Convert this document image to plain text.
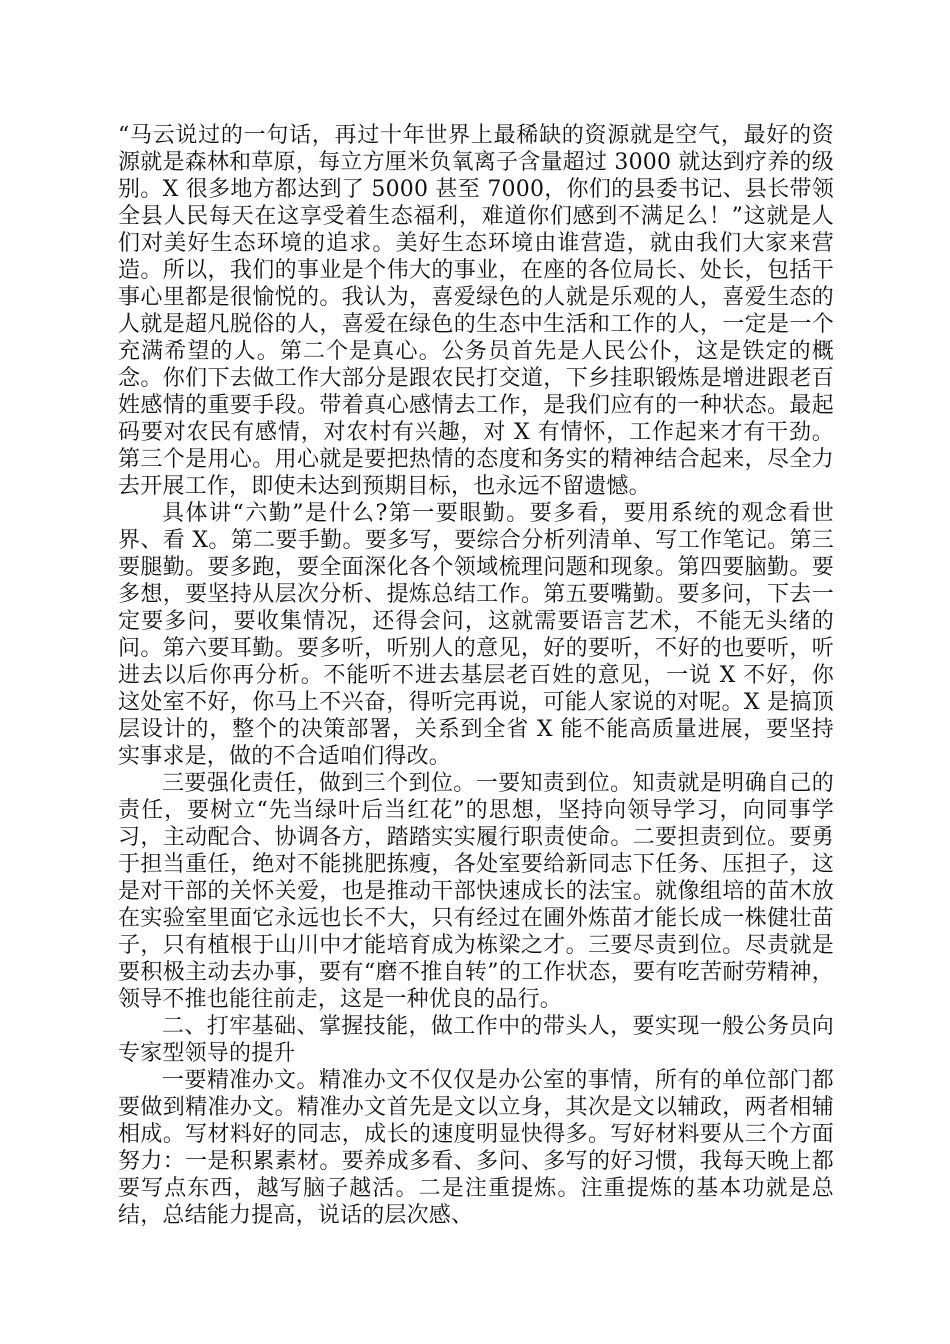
“马云说过的一句话，再过十年世界上最稀缺的资源就是空气，最好的资源就是森林和草原，每立方厘米负氧离子含量超过 3000 就达到疗养的级别。X 很多地方都达到了 5000 甚至 7000，你们的县委书记、县长带领全县人民每天在这享受着生态福利，难道你们感到不满足么！”这就是人们对美好生态环境的追求。美好生态环境由谁营造，就由我们大家来营造。所以，我们的事业是个伟大的事业，在座的各位局长、处长，包括干事心里都是很愉悦的。我认为，喜爱绿色的人就是乐观的人，喜爱生态的人就是超凡脱俗的人，喜爱在绿色的生态中生活和工作的人，一定是一个充满希望的人。第二个是真心。公务员首先是人民公仆，这是铁定的概念。你们下去做工作大部分是跟农民打交道，下乡挂职锻炼是增进跟老百姓感情的重要手段。带着真心感情去工作，是我们应有的一种状态。最起码要对农民有感情，对农村有兴趣，对 X 有情怀，工作起来才有干劲。第三个是用心。用心就是要把热情的态度和务实的精神结合起来，尽全力去开展工作，即使未达到预期目标，也永远不留遗憾。

具体讲“六勤”是什么?第一要眼勤。要多看，要用系统的观念看世界、看 X。第二要手勤。要多写，要综合分析列清单、写工作笔记。第三要腿勤。要多跑，要全面深化各个领域梳理问题和现象。第四要脑勤。要多想，要坚持从层次分析、提炼总结工作。第五要嘴勤。要多问，下去一定要多问，要收集情况，还得会问，这就需要语言艺术，不能无头绪的问。第六要耳勤。要多听，听别人的意见，好的要听，不好的也要听，听进去以后你再分析。不能听不进去基层老百姓的意见，一说 X 不好，你这处室不好，你马上不兴奋，得听完再说，可能人家说的对呢。X 是搞顶层设计的，整个的决策部署，关系到全省 X 能不能高质量进展，要坚持实事求是，做的不合适咱们得改。

三要强化责任，做到三个到位。一要知责到位。知责就是明确自己的责任，要树立“先当绿叶后当红花”的思想，坚持向领导学习，向同事学习，主动配合、协调各方，踏踏实实履行职责使命。二要担责到位。要勇于担当重任，绝对不能挑肥拣瘦，各处室要给新同志下任务、压担子，这是对干部的关怀关爱，也是推动干部快速成长的法宝。就像组培的苗木放在实验室里面它永远也长不大，只有经过在圃外炼苗才能长成一株健壮苗子，只有植根于山川中才能培育成为栋梁之才。三要尽责到位。尽责就是要积极主动去办事，要有“磨不推自转”的工作状态，要有吃苦耐劳精神，领导不推也能往前走，这是一种优良的品行。

二、打牢基础、掌握技能，做工作中的带头人，要实现一般公务员向专家型领导的提升

一要精准办文。精准办文不仅仅是办公室的事情，所有的单位部门都要做到精准办文。精准办文首先是文以立身，其次是文以辅政，两者相辅相成。写材料好的同志，成长的速度明显快得多。写好材料要从三个方面努力：一是积累素材。要养成多看、多问、多写的好习惯，我每天晚上都要写点东西，越写脑子越活。二是注重提炼。注重提炼的基本功就是总结，总结能力提高，说话的层次感、
